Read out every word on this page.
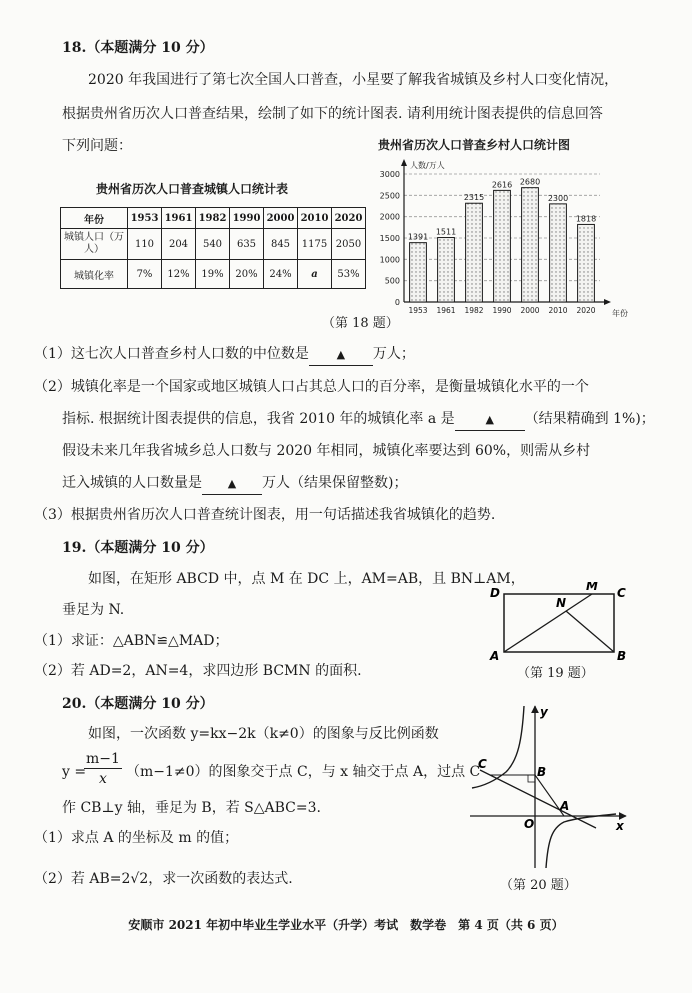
18.（本题满分 10 分）
2020 年我国进行了第七次全国人口普查，小星要了解我省城镇及乡村人口变化情况，
根据贵州省历次人口普查结果，绘制了如下的统计图表. 请利用统计图表提供的信息回答
下列问题：
贵州省历次人口普查城镇人口统计表
年份	1953	1961	1982	1990	2000	2010	2020
城镇人口（万人）	110	204	540	635	845	1175	2050
城镇化率	7%	12%	19%	20%	24%	a	53%
贵州省历次人口普查乡村人口统计图
0
500
1000
1500
2000
2500
3000
人数/万人
年份
1391
1953
1511
1961
2315
1982
2616
1990
2680
2000
2300
2010
1818
2020
（第 18 题）
（1）这七次人口普查乡村人口数的中位数是	▲ 万人；
（2）城镇化率是一个国家或地区城镇人口占其总人口的百分率，是衡量城镇化水平的一个
指标. 根据统计图表提供的信息，我省 2010 年的城镇化率 a 是	▲ （结果精确到 1%)；
假设未来几年我省城乡总人口数与 2020 年相同，城镇化率要达到 60%，则需从乡村
迁入城镇的人口数量是 ▲ 万人（结果保留整数)；
（3）根据贵州省历次人口普查统计图表，用一句话描述我省城镇化的趋势.
19.（本题满分 10 分）
如图，在矩形 ABCD 中，点 M 在 DC 上，AM=AB，且 BN⊥AM，
垂足为 N.
（1）求证：△ABN≌△MAD；
（2）若 AD=2，AN=4，求四边形 BCMN 的面积.
D	C
M
N
A	B
（第 19 题）
20.（本题满分 10 分）
如图，一次函数 y=kx−2k（k≠0）的图象与反比例函数
y =
m−1
x	（m−1≠0）的图象交于点 C，与 x 轴交于点 A，过点 C
作 CB⊥y 轴，垂足为 B，若 S△ABC=3.
（1）求点 A 的坐标及 m 的值；
（2）若 AB=2√2，求一次函数的表达式.
y
x
C
B
O
A
（第 20 题）
安顺市 2021 年初中毕业生学业水平（升学）考试　数学卷　第 4 页（共 6 页）
